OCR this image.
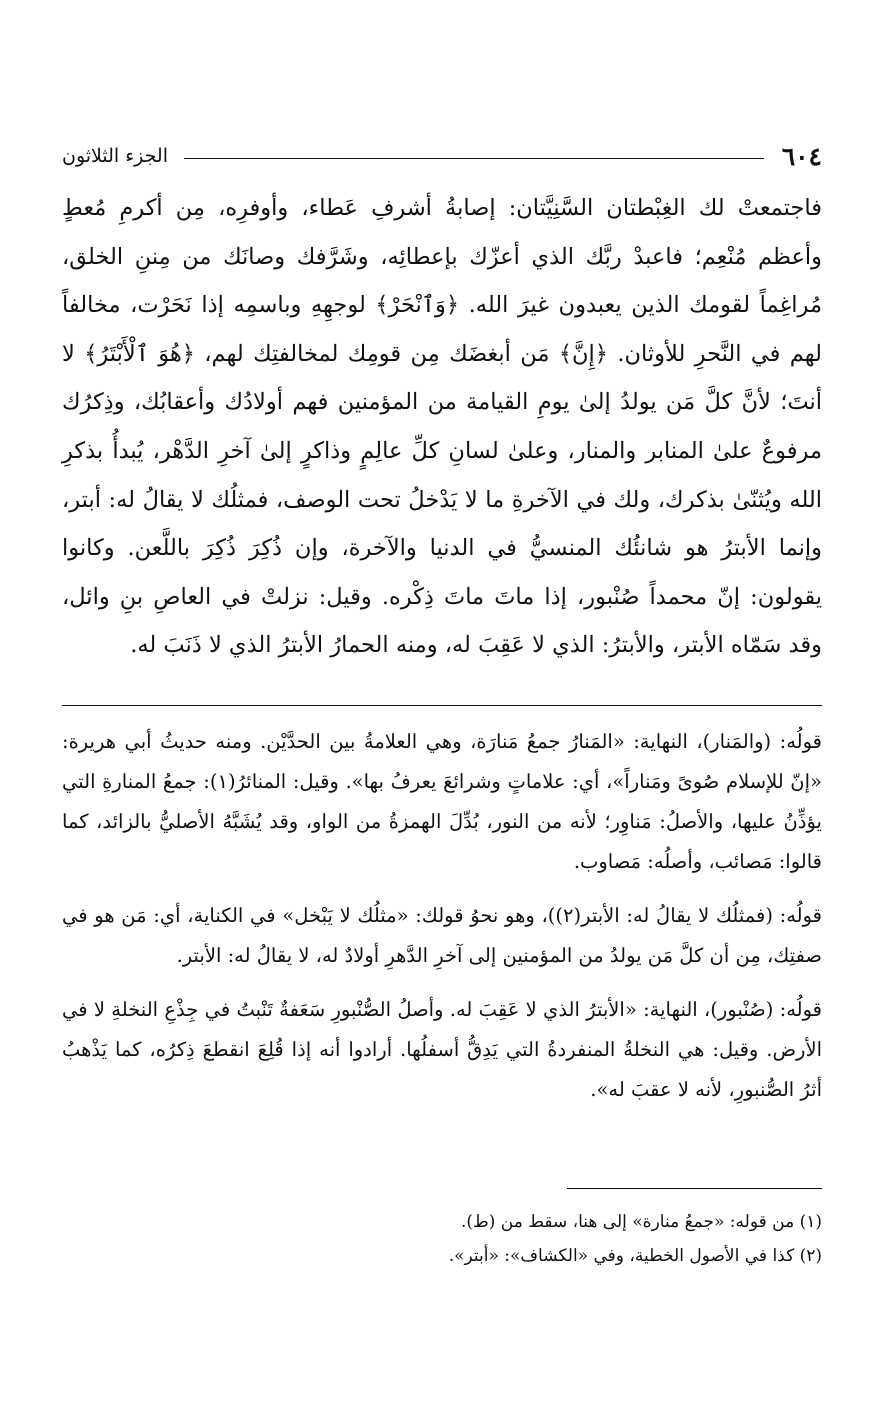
٦٠٤
الجزء الثلاثون

فاجتمعتْ لك الغِبْطتان السَّنِيَّتان: إصابةُ أشرفِ عَطاء، وأوفرِه، مِن أكرمِ مُعطٍ وأعظم مُنْعِم؛ فاعبدْ ربَّك الذي أعزّك بإعطائِه، وشَرَّفك وصانَك من مِننِ الخلق، مُراغِماً لقومك الذين يعبدون غيرَ الله. ﴿وَٱنْحَرْ﴾ لوجهِهِ وباسمِه إذا نَحَرْت، مخالفاً لهم في النَّحرِ للأوثان. ﴿إِنَّ﴾ مَن أبغضَك مِن قومِك لمخالفتِك لهم، ﴿هُوَ ٱلْأَبْتَرُ﴾ لا أنتَ؛ لأنَّ كلَّ مَن يولدُ إلىٰ يومِ القيامة من المؤمنين فهم أولادُك وأعقابُك، وذِكرُك مرفوعٌ علىٰ المنابر والمنار، وعلىٰ لسانِ كلِّ عالِمٍ وذاكرٍ إلىٰ آخرِ الدَّهْر، يُبدأُ بذكرِ الله ويُثنّىٰ بذكرك، ولك في الآخرةِ ما لا يَدْخلُ تحت الوصف، فمثلُك لا يقالُ له: أبتر، وإنما الأبترُ هو شانئُك المنسيُّ في الدنيا والآخرة، وإن ذُكِرَ ذُكِرَ باللَّعن. وكانوا يقولون: إنّ محمداً صُنْبور، إذا ماتَ ماتَ ذِكْره. وقيل: نزلتْ في العاصِ بنِ وائل، وقد سَمّاه الأبتر، والأبترُ: الذي لا عَقِبَ له، ومنه الحمارُ الأبترُ الذي لا ذَنَبَ له.

قولُه: (والمَنار)، النهاية: «المَنارُ جمعُ مَنارَة، وهي العلامةُ بين الحدَّيْن. ومنه حديثُ أبي هريرة: «إنّ للإسلام صُوىً ومَناراً»، أي: علاماتٍ وشرائعَ يعرفُ بها». وقيل: المنائرُ(١): جمعُ المنارةِ التي يؤذِّنُ عليها، والأصلُ: مَناوِر؛ لأنه من النور، بُدِّلَ الهمزةُ من الواو، وقد يُشَبَّهُ الأصليُّ بالزائد، كما قالوا: مَصائب، وأصلُه: مَصاوب.

قولُه: (فمثلُك لا يقالُ له: الأبتر(٢))، وهو نحوُ قولك: «مثلُك لا يَبْخل» في الكناية، أي: مَن هو في صفتِك، مِن أن كلَّ مَن يولدُ من المؤمنين إلى آخرِ الدَّهرِ أولادٌ له، لا يقالُ له: الأبتر.

قولُه: (صُنْبور)، النهاية: «الأبترُ الذي لا عَقِبَ له. وأصلُ الصُّنْبورِ سَعَفةٌ تَنْبتُ في جِذْعِ النخلةِ لا في الأرض. وقيل: هي النخلةُ المنفردةُ التي يَدِقُّ أسفلُها. أرادوا أنه إذا قُلِعَ انقطعَ ذِكرُه، كما يَذْهبُ أثرُ الصُّنبورِ، لأنه لا عقبَ له».

(١) من قوله: «جمعُ منارة» إلى هنا، سقط من (ط).
(٢) كذا في الأصول الخطية، وفي «الكشاف»: «أبتر».
